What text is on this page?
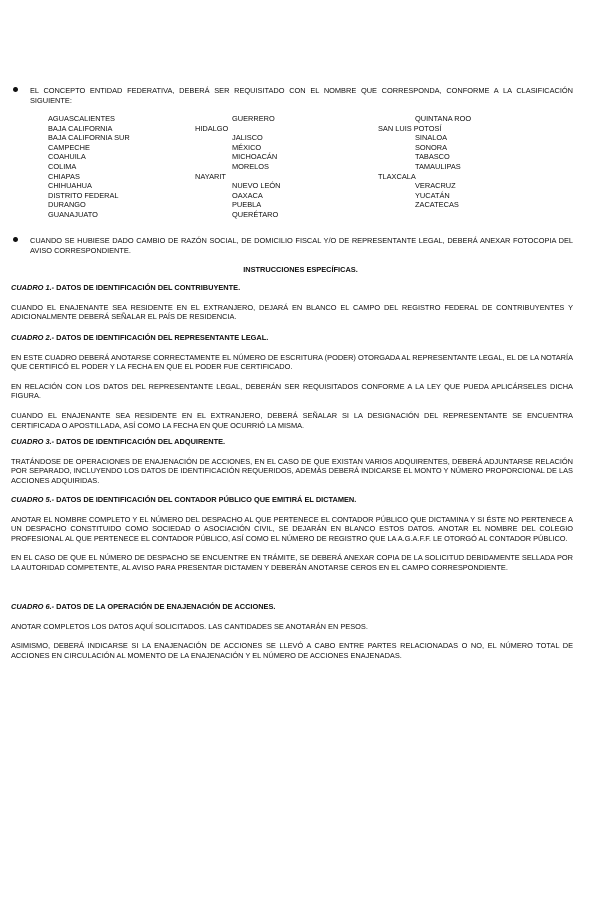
EL CONCEPTO ENTIDAD FEDERATIVA, DEBERÁ SER REQUISITADO CON EL NOMBRE QUE CORRESPONDA, CONFORME A LA CLASIFICACIÓN SIGUIENTE:

AGUASCALIENTES
BAJA CALIFORNIA
BAJA CALIFORNIA SUR
CAMPECHE
COAHUILA
COLIMA
CHIAPAS
CHIHUAHUA
DISTRITO FEDERAL
DURANGO
GUANAJUATO
GUERRERO
HIDALGO
JALISCO
MÉXICO
MICHOACÁN
MORELOS
NAYARIT
NUEVO LEÓN
OAXACA
PUEBLA
QUERÉTARO
QUINTANA ROO
SAN LUIS POTOSÍ
SINALOA
SONORA
TABASCO
TAMAULIPAS
TLAXCALA
VERACRUZ
YUCATÁN
ZACATECAS

CUANDO SE HUBIESE DADO CAMBIO DE RAZÓN SOCIAL, DE DOMICILIO FISCAL Y/O DE REPRESENTANTE LEGAL, DEBERÁ ANEXAR FOTOCOPIA DEL AVISO CORRESPONDIENTE.

INSTRUCCIONES ESPECÍFICAS.
CUADRO 1.- DATOS DE IDENTIFICACIÓN DEL CONTRIBUYENTE.

CUANDO EL ENAJENANTE SEA RESIDENTE EN EL EXTRANJERO, DEJARÁ EN BLANCO EL CAMPO DEL REGISTRO FEDERAL DE CONTRIBUYENTES Y ADICIONALMENTE DEBERÁ SEÑALAR EL PAÍS DE RESIDENCIA.

CUADRO 2.- DATOS DE IDENTIFICACIÓN DEL REPRESENTANTE LEGAL.

EN ESTE CUADRO DEBERÁ ANOTARSE CORRECTAMENTE EL NÚMERO DE ESCRITURA (PODER) OTORGADA AL REPRESENTANTE LEGAL, EL DE LA NOTARÍA QUE CERTIFICÓ EL PODER Y LA FECHA EN QUE EL PODER FUE CERTIFICADO.

EN RELACIÓN CON LOS DATOS DEL REPRESENTANTE LEGAL, DEBERÁN SER REQUISITADOS CONFORME A LA LEY QUE PUEDA APLICÁRSELES DICHA FIGURA.

CUANDO EL ENAJENANTE SEA RESIDENTE EN EL EXTRANJERO, DEBERÁ SEÑALAR SI LA DESIGNACIÓN DEL REPRESENTANTE SE ENCUENTRA CERTIFICADA O APOSTILLADA, ASÍ COMO LA FECHA EN QUE OCURRIÓ LA MISMA.

CUADRO 3.- DATOS DE IDENTIFICACIÓN DEL ADQUIRENTE.

TRATÁNDOSE DE OPERACIONES DE ENAJENACIÓN DE ACCIONES, EN EL CASO DE QUE EXISTAN VARIOS ADQUIRENTES, DEBERÁ ADJUNTARSE RELACIÓN POR SEPARADO, INCLUYENDO LOS DATOS DE IDENTIFICACIÓN REQUERIDOS, ADEMÁS DEBERÁ INDICARSE EL MONTO Y NÚMERO PROPORCIONAL DE LAS ACCIONES ADQUIRIDAS.

CUADRO 5.- DATOS DE IDENTIFICACIÓN DEL CONTADOR PÚBLICO QUE EMITIRÁ EL DICTAMEN.

ANOTAR EL NOMBRE COMPLETO Y EL NÚMERO DEL DESPACHO AL QUE PERTENECE EL CONTADOR PÚBLICO QUE DICTAMINA Y SI ÉSTE NO PERTENECE A UN DESPACHO CONSTITUIDO COMO SOCIEDAD O ASOCIACIÓN CIVIL, SE DEJARÁN EN BLANCO ESTOS DATOS. ANOTAR EL NOMBRE DEL COLEGIO PROFESIONAL AL QUE PERTENECE EL CONTADOR PÚBLICO, ASÍ COMO EL NÚMERO DE REGISTRO QUE LA A.G.A.F.F. LE OTORGÓ AL CONTADOR PÚBLICO.

EN EL CASO DE QUE EL NÚMERO DE DESPACHO SE ENCUENTRE EN TRÁMITE, SE DEBERÁ ANEXAR COPIA DE LA SOLICITUD DEBIDAMENTE SELLADA POR LA AUTORIDAD COMPETENTE, AL AVISO PARA PRESENTAR DICTAMEN Y DEBERÁN ANOTARSE CEROS EN EL CAMPO CORRESPONDIENTE.

CUADRO 6.- DATOS DE LA OPERACIÓN DE ENAJENACIÓN DE ACCIONES.

ANOTAR COMPLETOS LOS DATOS AQUÍ SOLICITADOS. LAS CANTIDADES SE ANOTARÁN EN PESOS.

ASIMISMO, DEBERÁ INDICARSE SI LA ENAJENACIÓN DE ACCIONES SE LLEVÓ A CABO ENTRE PARTES RELACIONADAS O NO, EL NÚMERO TOTAL DE ACCIONES EN CIRCULACIÓN AL MOMENTO DE LA ENAJENACIÓN Y EL NÚMERO DE ACCIONES ENAJENADAS.
